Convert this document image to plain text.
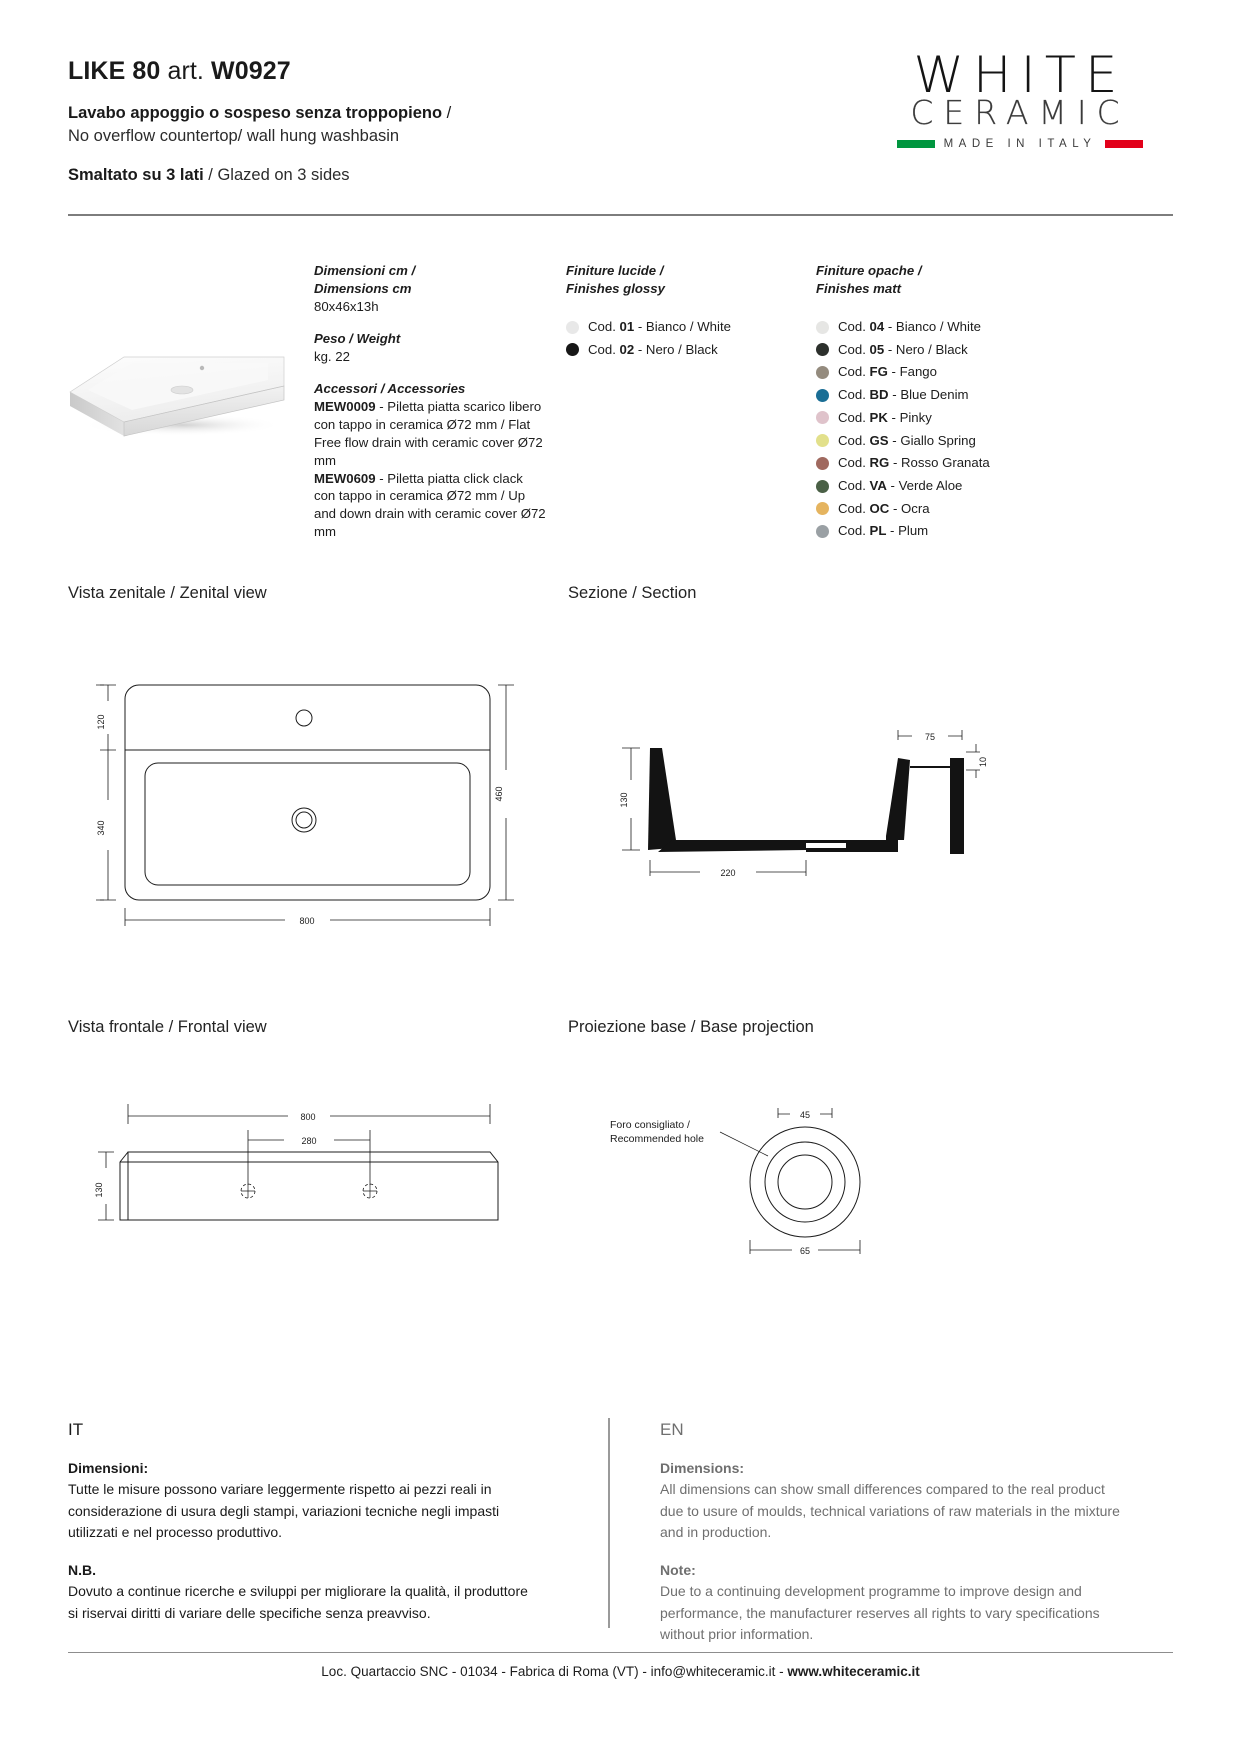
LIKE 80 art. W0927
Lavabo appoggio o sospeso senza troppopieno /
No overflow countertop/ wall hung washbasin
Smaltato su 3 lati / Glazed on 3 sides
WHITE
CERAMIC
MADE IN ITALY
Dimensioni cm /
Dimensions cm
80x46x13h
Peso / Weight
kg. 22
Accessori / Accessories
MEW0009 - Piletta piatta scarico libero con tappo in ceramica Ø72 mm / Flat Free flow drain with ceramic cover Ø72 mm
MEW0609 - Piletta piatta click clack con tappo in ceramica Ø72 mm / Up and down drain with ceramic cover Ø72 mm
Finiture lucide /
Finishes glossy
Cod. 01 - Bianco / White
Cod. 02 - Nero / Black
Finiture opache /
Finishes matt
Cod. 04 - Bianco / White
Cod. 05 - Nero / Black
Cod. FG - Fango
Cod. BD - Blue Denim
Cod. PK - Pinky
Cod. GS - Giallo Spring
Cod. RG - Rosso Granata
Cod. VA - Verde Aloe
Cod. OC - Ocra
Cod. PL - Plum
Vista zenitale / Zenital view	Sezione / Section
Vista frontale / Frontal view	Proiezione base / Base projection
120
340
460
800
130
220
75
10
800
280
130
Foro consigliato /
Recommended hole
45
65
IT
Dimensioni:
Tutte le misure possono variare leggermente rispetto ai pezzi reali in considerazione di usura degli stampi, variazioni tecniche negli impasti utilizzati e nel processo produttivo.
N.B.
Dovuto a continue ricerche e sviluppi per migliorare la qualità, il produttore si riservai diritti di variare delle specifiche senza preavviso.
EN
Dimensions:
All dimensions can show small differences compared to the real product due to usure of moulds, technical variations of raw materials in the mixture and in production.
Note:
Due to a continuing development programme to improve design and performance, the manufacturer reserves all rights to vary specifications without prior information.
Loc. Quartaccio SNC - 01034 - Fabrica di Roma (VT) - info@whiteceramic.it - www.whiteceramic.it
